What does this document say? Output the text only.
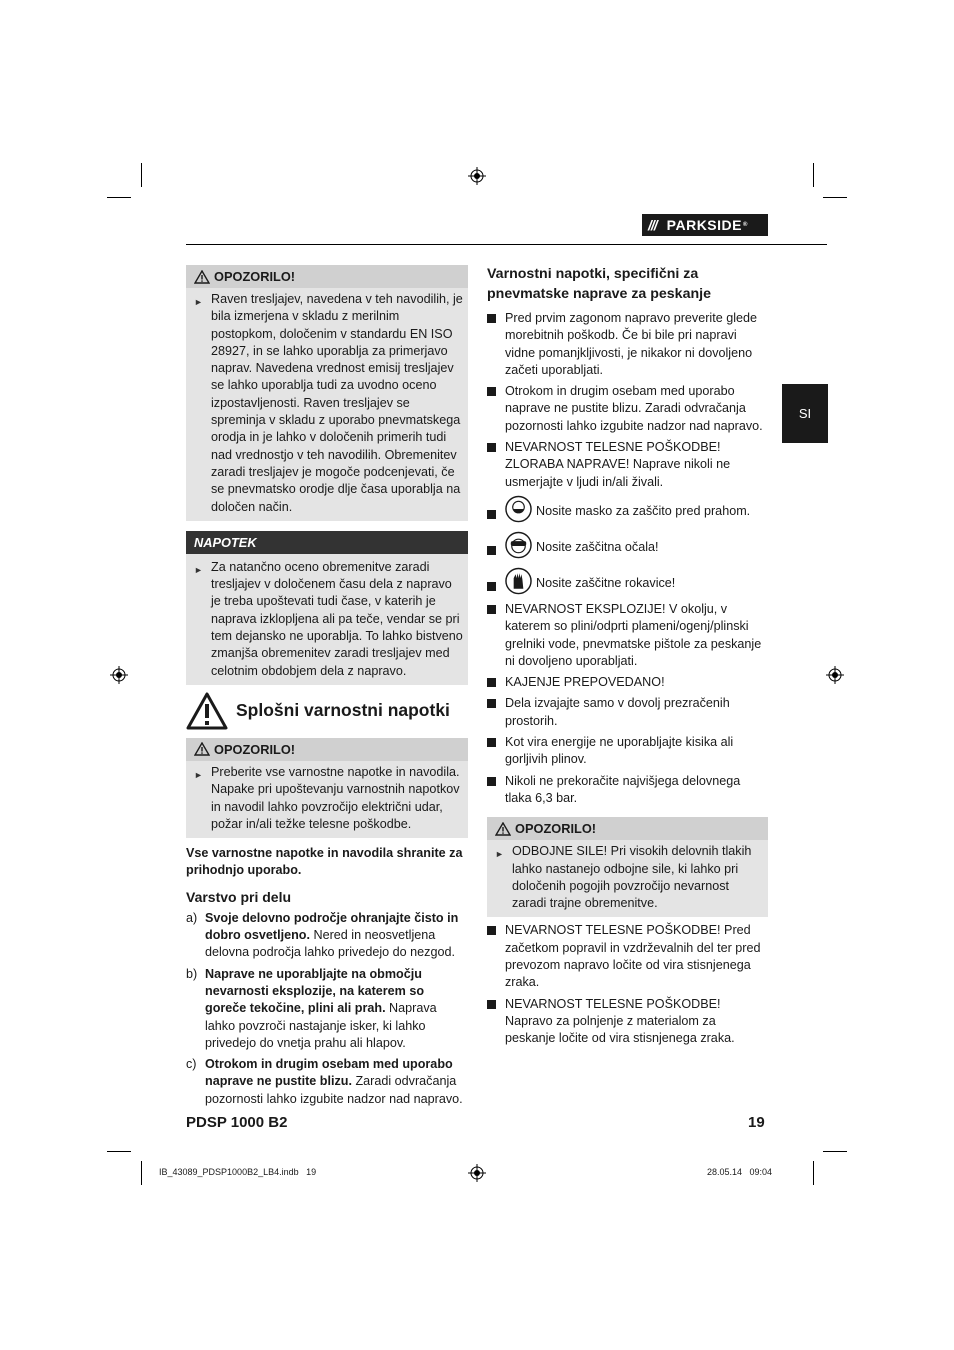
/// PARKSIDE ®
SI
OPOZORILO!
► Raven tresljajev, navedena v teh navodilih, je bila izmerjena v skladu z merilnim postopkom, določenim v standardu EN ISO 28927, in se lahko uporablja za primerjavo naprav. Navedena vrednost emisij tresljajev se lahko uporablja tudi za uvodno oceno izpostavljenosti. Raven tresljajev se spreminja v skladu z uporabo pnevmatskega orodja in je lahko v določenih primerih tudi nad vrednostjo v teh navodilih. Obremenitev zaradi tresljajev je mogoče podcenjevati, če se pnevmatsko orodje dlje časa uporablja na določen način.
NAPOTEK
► Za natančno oceno obremenitve zaradi tresljajev v določenem času dela z napravo je treba upoštevati tudi čase, v katerih je naprava izklopljena ali pa teče, vendar se pri tem dejansko ne uporablja. To lahko bistveno zmanjša obremenitev zaradi tresljajev med celotnim obdobjem dela z napravo.
Splošni varnostni napotki
OPOZORILO!
► Preberite vse varnostne napotke in navodila. Napake pri upoštevanju varnostnih napotkov in navodil lahko povzročijo električni udar, požar in/ali težke telesne poškodbe.

Vse varnostne napotke in navodila shranite za prihodnjo uporabo.

Varstvo pri delu
a) Svoje delovno področje ohranjajte čisto in dobro osvetljeno. Nered in neosvetljena delovna področja lahko privedejo do nezgod.
b) Naprave ne uporabljajte na območju nevarnosti eksplozije, na katerem so goreče tekočine, plini ali prah. Naprava lahko povzroči nastajanje isker, ki lahko privedejo do vnetja prahu ali hlapov.
c) Otrokom in drugim osebam med uporabo naprave ne pustite blizu. Zaradi odvračanja pozornosti lahko izgubite nadzor nad napravo.
Varnostni napotki, specifični za pnevmatske naprave za peskanje
Pred prvim zagonom napravo preverite glede morebitnih poškodb. Če bi bile pri napravi vidne pomanjkljivosti, je nikakor ni dovoljeno začeti uporabljati.
Otrokom in drugim osebam med uporabo naprave ne pustite blizu. Zaradi odvračanja pozornosti lahko izgubite nadzor nad napravo.
NEVARNOST TELESNE POŠKODBE! ZLORABA NAPRAVE! Naprave nikoli ne usmerjajte v ljudi in/ali živali.
Nosite masko za zaščito pred prahom.
Nosite zaščitna očala!
Nosite zaščitne rokavice!
NEVARNOST EKSPLOZIJE! V okolju, v katerem so plini/odprti plameni/ogenj/plinski grelniki vode, pnevmatske pištole za peskanje ni dovoljeno uporabljati.
KAJENJE PREPOVEDANO!
Dela izvajajte samo v dovolj prezračenih prostorih.
Kot vira energije ne uporabljajte kisika ali gorljivih plinov.
Nikoli ne prekoračite najvišjega delovnega tlaka 6,3 bar.
OPOZORILO!
► ODBOJNE SILE! Pri visokih delovnih tlakih lahko nastanejo odbojne sile, ki lahko pri določenih pogojih povzročijo nevarnost zaradi trajne obremenitve.
NEVARNOST TELESNE POŠKODBE! Pred začetkom popravil in vzdrževalnih del ter pred prevozom napravo ločite od vira stisnjenega zraka.
NEVARNOST TELESNE POŠKODBE! Napravo za polnjenje z materialom za peskanje ločite od vira stisnjenega zraka.
PDSP 1000 B2	19
IB_43089_PDSP1000B2_LB4.indb   19	28.05.14   09:04
